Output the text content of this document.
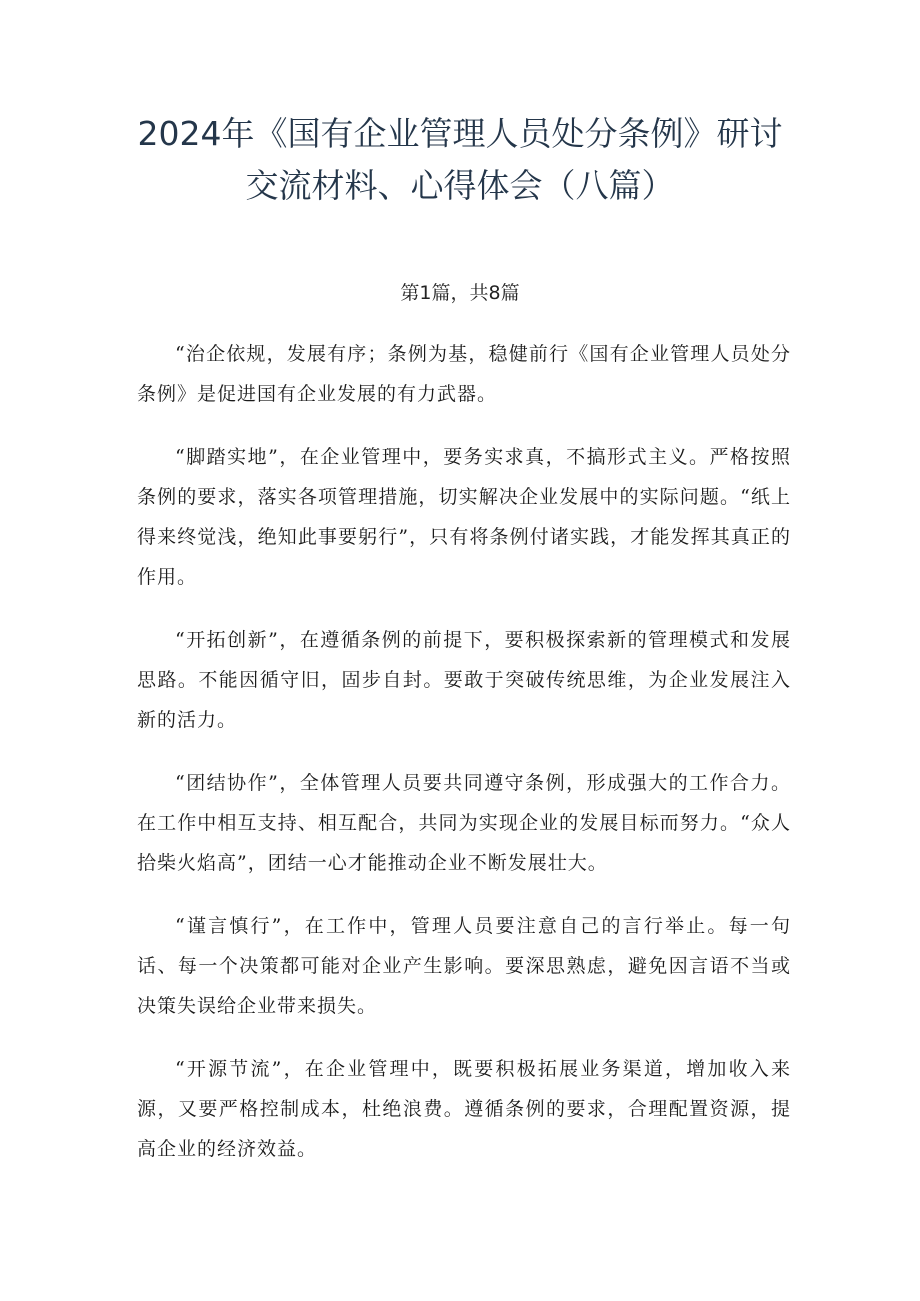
2024年《国有企业管理人员处分条例》研讨交流材料、心得体会（八篇）
第1篇，共8篇

“治企依规，发展有序；条例为基，稳健前行《国有企业管理人员处分条例》是促进国有企业发展的有力武器。

“脚踏实地”，在企业管理中，要务实求真，不搞形式主义。严格按照条例的要求，落实各项管理措施，切实解决企业发展中的实际问题。“纸上得来终觉浅，绝知此事要躬行”，只有将条例付诸实践，才能发挥其真正的作用。

“开拓创新”，在遵循条例的前提下，要积极探索新的管理模式和发展思路。不能因循守旧，固步自封。要敢于突破传统思维，为企业发展注入新的活力。

“团结协作”，全体管理人员要共同遵守条例，形成强大的工作合力。在工作中相互支持、相互配合，共同为实现企业的发展目标而努力。“众人拾柴火焰高”，团结一心才能推动企业不断发展壮大。

“谨言慎行”，在工作中，管理人员要注意自己的言行举止。每一句话、每一个决策都可能对企业产生影响。要深思熟虑，避免因言语不当或决策失误给企业带来损失。

“开源节流”，在企业管理中，既要积极拓展业务渠道，增加收入来源，又要严格控制成本，杜绝浪费。遵循条例的要求，合理配置资源，提高企业的经济效益。
